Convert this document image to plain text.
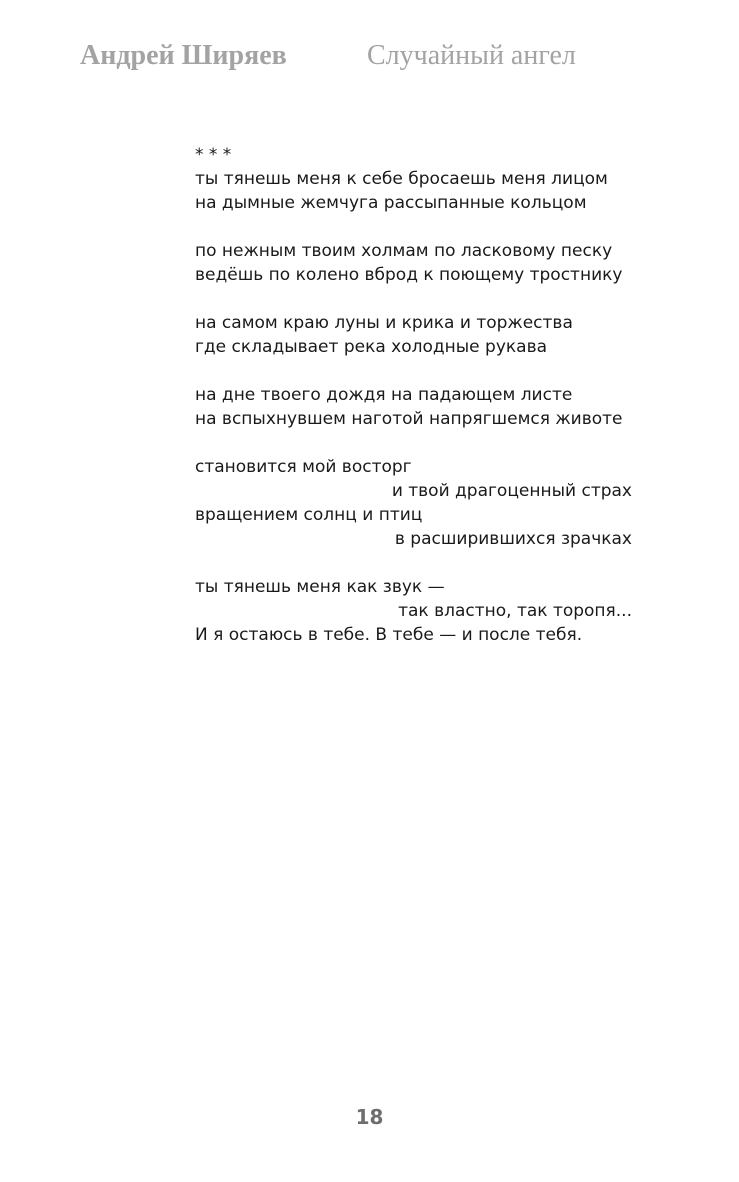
Андрей Ширяев	Случайный ангел
* * *
ты тянешь меня к себе бросаешь меня лицом
на дымные жемчуга рассыпанные кольцом
по нежным твоим холмам по ласковому песку
ведёшь по колено вброд к поющему тростнику
на самом краю луны и крика и торжества
где складывает река холодные рукава
на дне твоего дождя на падающем листе
на вспыхнувшем наготой напрягшемся животе
становится мой восторг
и твой драгоценный страх
вращением солнц и птиц
в расширившихся зрачках
ты тянешь меня как звук —
так властно, так торопя...
И я остаюсь в тебе. В тебе — и после тебя.
18
